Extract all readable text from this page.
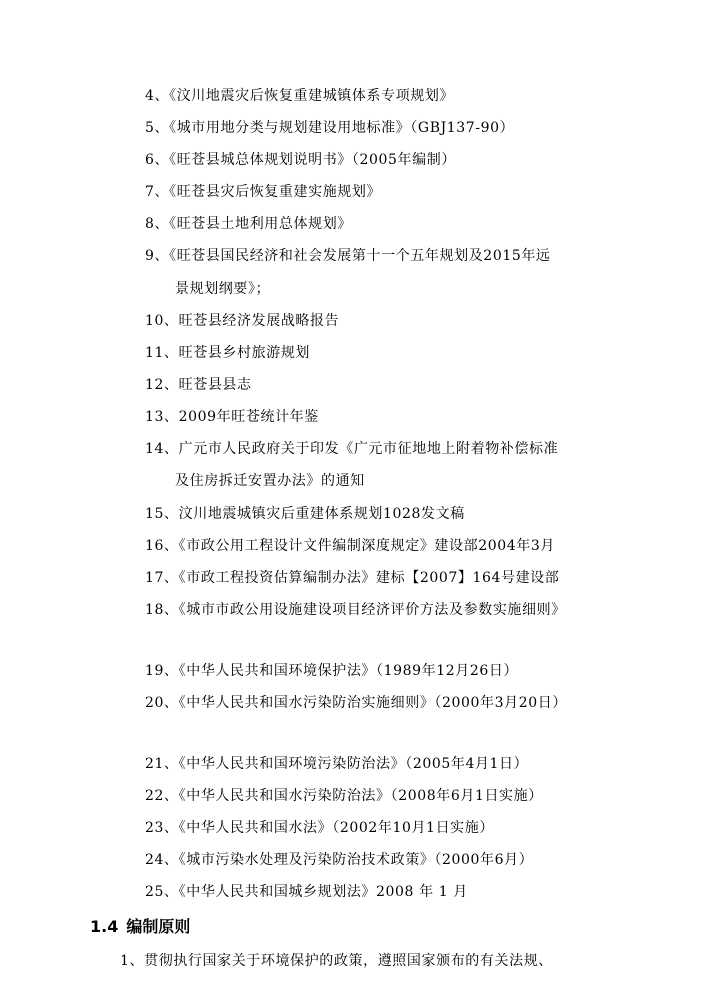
4、《汶川地震灾后恢复重建城镇体系专项规划》
5、《城市用地分类与规划建设用地标准》（GBJ137-90）
6、《旺苍县城总体规划说明书》（2005年编制）
7、《旺苍县灾后恢复重建实施规划》
8、《旺苍县土地利用总体规划》
9、《旺苍县国民经济和社会发展第十一个五年规划及2015年远
景规划纲要》；
10、旺苍县经济发展战略报告
11、旺苍县乡村旅游规划
12、旺苍县县志
13、2009年旺苍统计年鉴
14、广元市人民政府关于印发《广元市征地地上附着物补偿标准
及住房拆迁安置办法》的通知
15、汶川地震城镇灾后重建体系规划1028发文稿
16、《市政公用工程设计文件编制深度规定》建设部2004年3月
17、《市政工程投资估算编制办法》建标【2007】164号建设部
18、《城市市政公用设施建设项目经济评价方法及参数实施细则》
19、《中华人民共和国环境保护法》（1989年12月26日）
20、《中华人民共和国水污染防治实施细则》（2000年3月20日）
21、《中华人民共和国环境污染防治法》（2005年4月1日）
22、《中华人民共和国水污染防治法》（2008年6月1日实施）
23、《中华人民共和国水法》（2002年10月1日实施）
24、《城市污染水处理及污染防治技术政策》（2000年6月）
25、《中华人民共和国城乡规划法》2008 年 1 月
1.4 编制原则
1、贯彻执行国家关于环境保护的政策，遵照国家颁布的有关法规、
